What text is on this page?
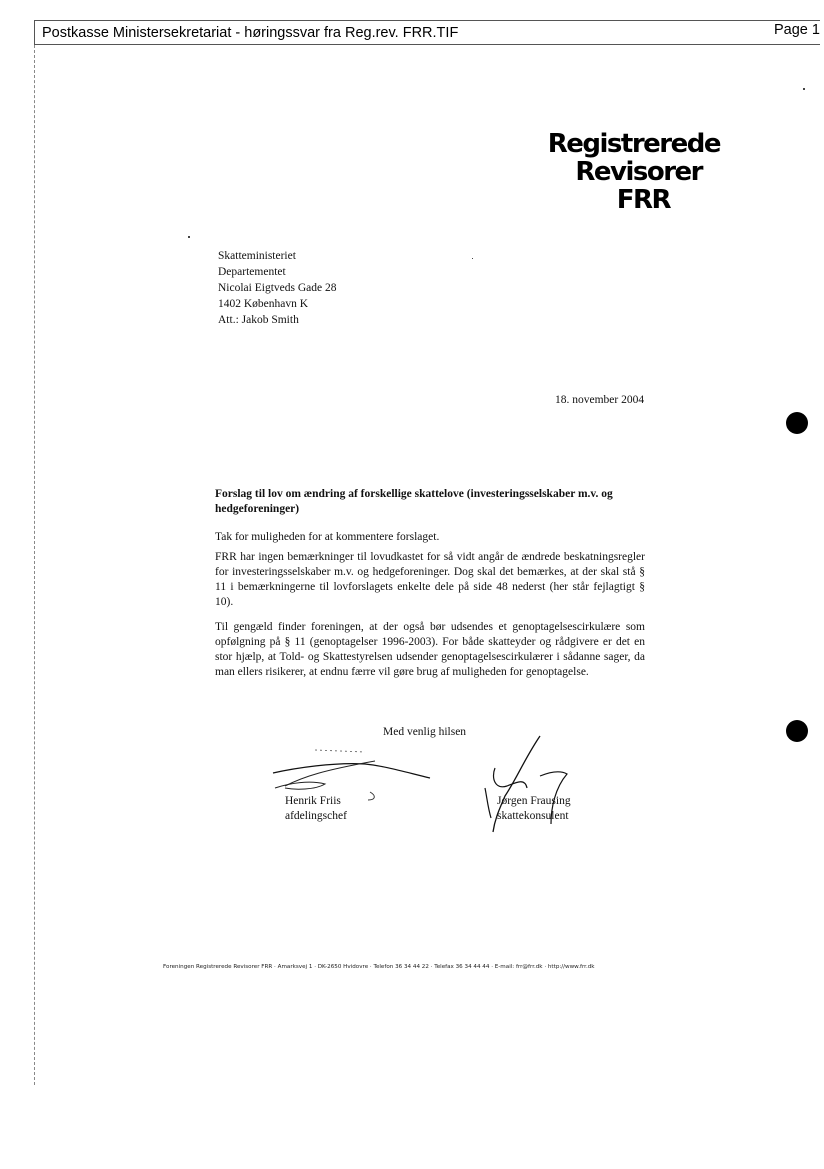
Postkasse Ministersekretariat - høringssvar fra Reg.rev. FRR.TIF	Page 1
Registrerede
Revisorer
FRR
Skatteministeriet
Departementet
Nicolai Eigtveds Gade 28
1402 København K
Att.: Jakob Smith
18. november 2004
Forslag til lov om ændring af forskellige skattelove (investeringsselskaber m.v. og hedgeforeninger)
Tak for muligheden for at kommentere forslaget.
FRR har ingen bemærkninger til lovudkastet for så vidt angår de ændrede beskatningsregler for investeringsselskaber m.v. og hedgeforeninger. Dog skal det bemærkes, at der skal stå § 11 i bemærkningerne til lovforslagets enkelte dele på side 48 nederst (her står fejlagtigt § 10).
Til gengæld finder foreningen, at der også bør udsendes et genoptagelsescirkulære som opfølgning på § 11 (genoptagelser 1996-2003). For både skatteyder og rådgivere er det en stor hjælp, at Told- og Skattestyrelsen udsender genoptagelsescirkulærer i sådanne sager, da man ellers risikerer, at endnu færre vil gøre brug af muligheden for genoptagelse.
Med venlig hilsen
Henrik Friis
afdelingschef
Jørgen Frausing
skattekonsulent
Foreningen Registrerede Revisorer FRR · Amarksvej 1 · DK-2650 Hvidovre · Telefon 36 34 44 22 · Telefax 36 34 44 44 · E-mail: frr@frr.dk · http://www.frr.dk
